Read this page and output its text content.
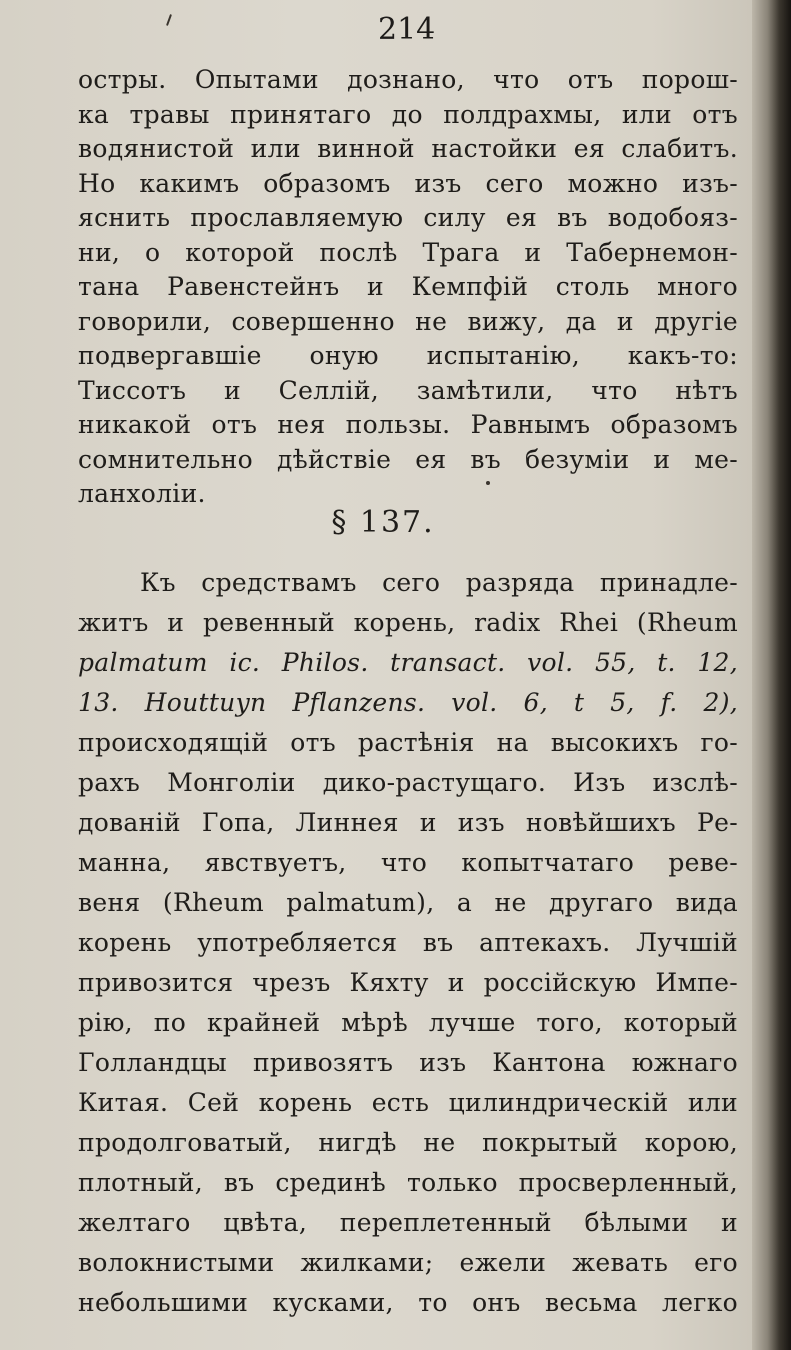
214
остры. Опытами дознано, что отъ порош-
ка травы принятаго до полдрахмы, или отъ
водянистой или винной настойки ея слабитъ.
Но какимъ образомъ изъ сего можно изъ-
яснить прославляемую силу ея въ водобояз-
ни, о которой послѣ Трага и Табернемон-
тана Равенстейнъ и Кемпфій столь много
говорили, совершенно не вижу, да и другіе
подвергавшіе оную испытанію, какъ-то:
Тиссотъ и Селлій, замѣтили, что нѣтъ
никакой отъ нея пользы. Равнымъ образомъ
сомнительно дѣйствіе ея въ безуміи и ме-
ланхоліи.
§ 137.
Къ средствамъ сего разряда принадле-
житъ и ревенный корень, radix Rhei (Rheum
palmatum ic. Philos. transact. vol. 55, t. 12,
13. Houttuyn Pflanzens. vol. 6, t 5, f. 2),
происходящій отъ растѣнія на высокихъ го-
рахъ Монголіи дико-растущаго. Изъ изслѣ-
дованій Гопа, Линнея и изъ новѣйшихъ Ре-
манна, явствуетъ, что копытчатаго реве-
веня (Rheum palmatum), а не другаго вида
корень употребляется въ аптекахъ. Лучшій
привозится чрезъ Кяхту и россійскую Импе-
рію, по крайней мѣрѣ лучше того, который
Голландцы привозятъ изъ Кантона южнаго
Китая. Сей корень есть цилиндрическій или
продолговатый, нигдѣ не покрытый корою,
плотный, въ срединѣ только просверленный,
желтаго цвѣта, переплетенный бѣлыми и
волокнистыми жилками; ежели жевать его
небольшими кусками, то онъ весьма легко
